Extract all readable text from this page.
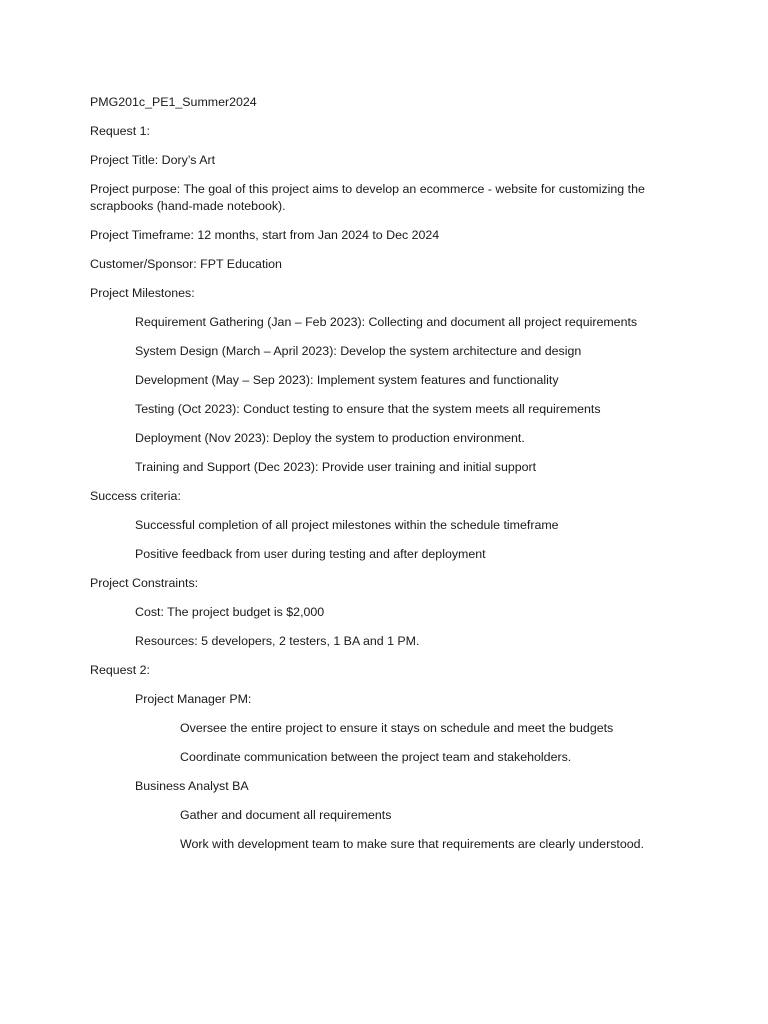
PMG201c_PE1_Summer2024

Request 1:

Project Title: Dory’s Art

Project purpose: The goal of this project aims to develop an ecommerce - website for customizing the scrapbooks (hand-made notebook).

Project Timeframe: 12 months, start from Jan 2024 to Dec 2024

Customer/Sponsor: FPT Education

Project Milestones:

Requirement Gathering (Jan – Feb 2023): Collecting and document all project requirements

System Design (March – April 2023): Develop the system architecture and design

Development (May – Sep 2023): Implement system features and functionality

Testing (Oct 2023): Conduct testing to ensure that the system meets all requirements

Deployment (Nov 2023): Deploy the system to production environment.

Training and Support (Dec 2023): Provide user training and initial support

Success criteria:

Successful completion of all project milestones within the schedule timeframe

Positive feedback from user during testing and after deployment

Project Constraints:

Cost: The project budget is $2,000

Resources: 5 developers, 2 testers, 1 BA and 1 PM.

Request 2:

Project Manager PM:

Oversee the entire project to ensure it stays on schedule and meet the budgets

Coordinate communication between the project team and stakeholders.

Business Analyst BA

Gather and document all requirements

Work with development team to make sure that requirements are clearly understood.
